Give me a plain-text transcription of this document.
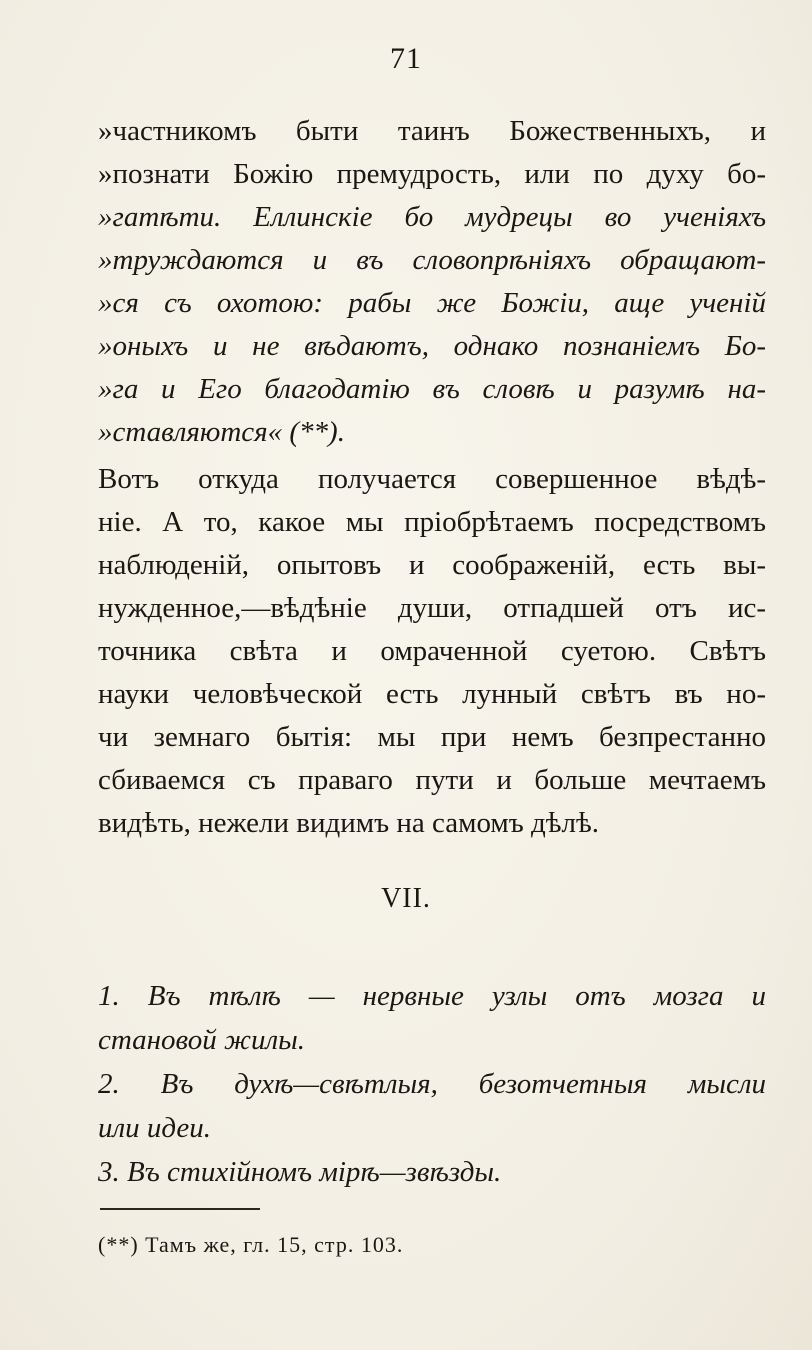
71
»частникомъ быти таинъ Божественныхъ, и
»познати Божію премудрость, или по духу бо-
»гатѣти. Еллинскіе бо мудрецы во ученіяхъ
»труждаются и въ словопрѣніяхъ обращают-
»ся съ охотою: рабы же Божіи, аще ученій
»оныхъ и не вѣдаютъ, однако познаніемъ Бо-
»га и Его благодатію въ словѣ и разумѣ на-
»ставляются« (**).
Вотъ откуда получается совершенное вѣдѣ-
ніе. А то, какое мы пріобрѣтаемъ посредствомъ
наблюденій, опытовъ и соображеній, есть вы-
нужденное,—вѣдѣніе души, отпадшей отъ ис-
точника свѣта и омраченной суетою. Свѣтъ
науки человѣческой есть лунный свѣтъ въ но-
чи земнаго бытія: мы при немъ безпрестанно
сбиваемся съ праваго пути и больше мечтаемъ
видѣть, нежели видимъ на самомъ дѣлѣ.
VII.
1. Въ тѣлѣ — нервные узлы отъ мозга и
становой жилы.
2. Въ духѣ—свѣтлыя, безотчетныя мысли
или идеи.
3. Въ стихійномъ мірѣ—звѣзды.
(**) Тамъ же, гл. 15, стр. 103.
